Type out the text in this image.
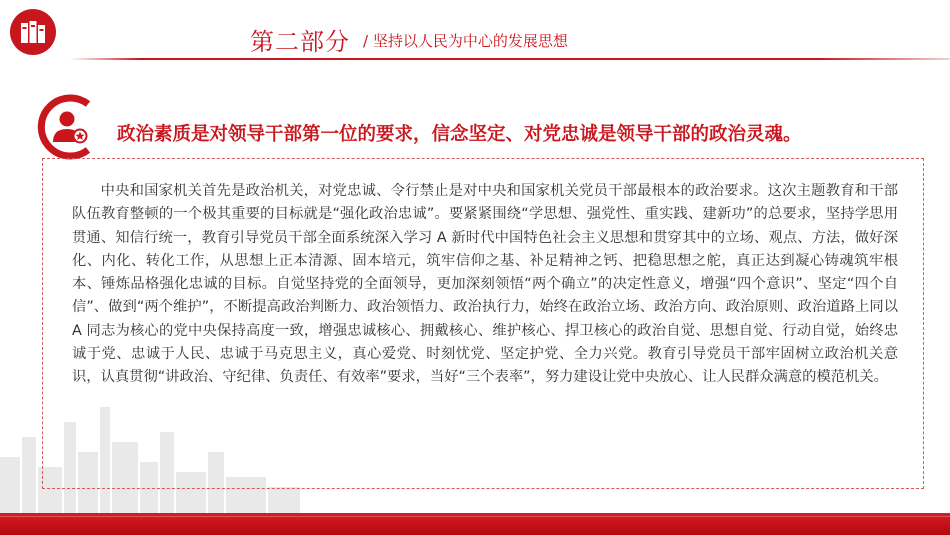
第二部分 / 坚持以人民为中心的发展思想
政治素质是对领导干部第一位的要求，信念坚定、对党忠诚是领导干部的政治灵魂。

中央和国家机关首先是政治机关，对党忠诚、令行禁止是对中央和国家机关党员干部最根本的政治要求。这次主题教育和干部队伍教育整顿的一个极其重要的目标就是“强化政治忠诚”。要紧紧围绕“学思想、强党性、重实践、建新功”的总要求，坚持学思用贯通、知信行统一，教育引导党员干部全面系统深入学习 A 新时代中国特色社会主义思想和贯穿其中的立场、观点、方法，做好深化、内化、转化工作，从思想上正本清源、固本培元，筑牢信仰之基、补足精神之钙、把稳思想之舵，真正达到凝心铸魂筑牢根本、锤炼品格强化忠诚的目标。自觉坚持党的全面领导，更加深刻领悟“两个确立”的决定性意义，增强“四个意识”、坚定“四个自信”、做到“两个维护”，不断提高政治判断力、政治领悟力、政治执行力，始终在政治立场、政治方向、政治原则、政治道路上同以 A 同志为核心的党中央保持高度一致，增强忠诚核心、拥戴核心、维护核心、捍卫核心的政治自觉、思想自觉、行动自觉，始终忠诚于党、忠诚于人民、忠诚于马克思主义，真心爱党、时刻忧党、坚定护党、全力兴党。教育引导党员干部牢固树立政治机关意识，认真贯彻“讲政治、守纪律、负责任、有效率”要求，当好“三个表率”，努力建设让党中央放心、让人民群众满意的模范机关。
